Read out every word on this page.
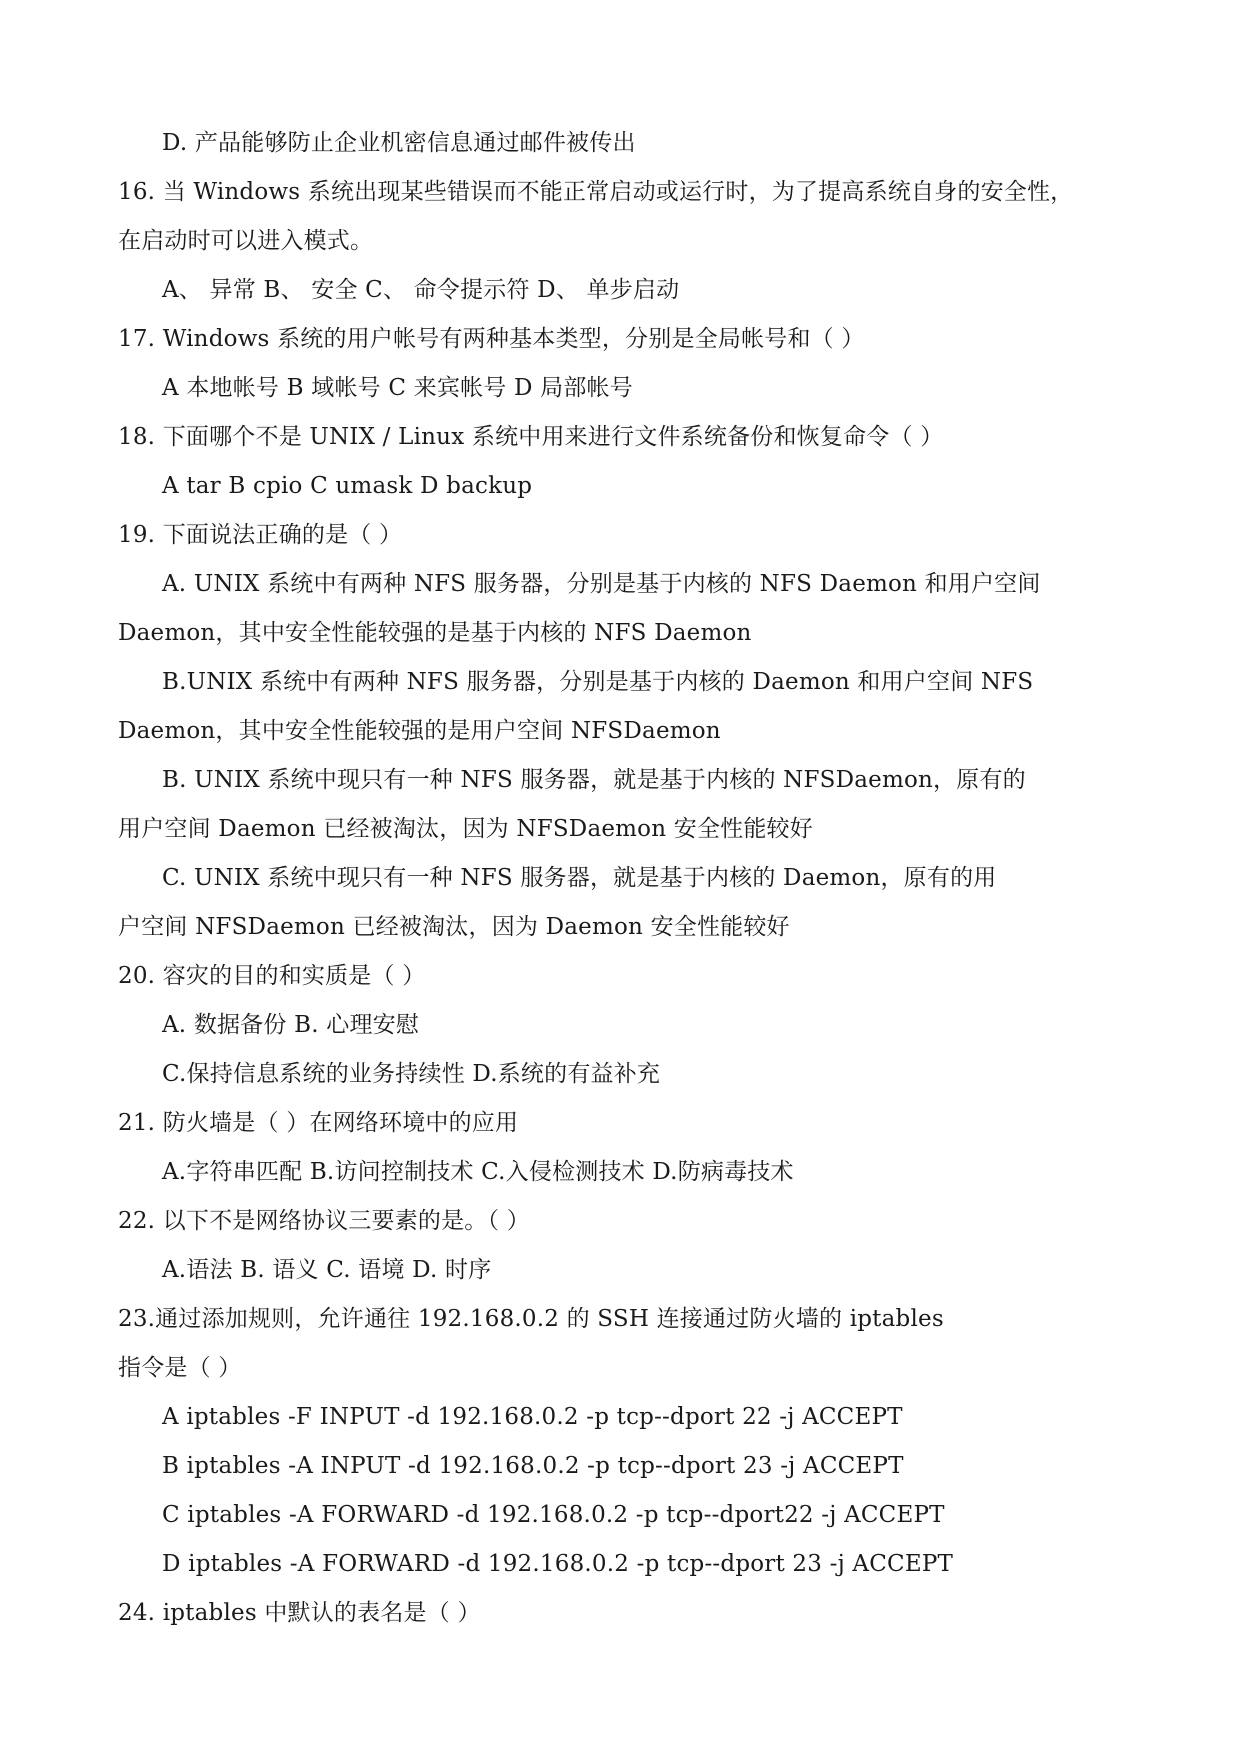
D. 产品能够防止企业机密信息通过邮件被传出
16. 当 Windows 系统出现某些错误而不能正常启动或运行时，为了提高系统自身的安全性，
在启动时可以进入模式。
A、 异常 B、 安全 C、 命令提示符 D、 单步启动
17. Windows 系统的用户帐号有两种基本类型，分别是全局帐号和（ ）
A 本地帐号 B 域帐号 C 来宾帐号 D 局部帐号
18. 下面哪个不是 UNIX / Linux 系统中用来进行文件系统备份和恢复命令（ ）
A tar B cpio C umask D backup
19. 下面说法正确的是（ ）
A. UNIX 系统中有两种 NFS 服务器，分别是基于内核的 NFS Daemon 和用户空间
Daemon，其中安全性能较强的是基于内核的 NFS Daemon
B.UNIX 系统中有两种 NFS 服务器，分别是基于内核的 Daemon 和用户空间 NFS
Daemon，其中安全性能较强的是用户空间 NFSDaemon
B. UNIX 系统中现只有一种 NFS 服务器，就是基于内核的 NFSDaemon，原有的
用户空间 Daemon 已经被淘汰，因为 NFSDaemon 安全性能较好
C. UNIX 系统中现只有一种 NFS 服务器，就是基于内核的 Daemon，原有的用
户空间 NFSDaemon 已经被淘汰，因为 Daemon 安全性能较好
20. 容灾的目的和实质是（ ）
A. 数据备份 B. 心理安慰
C.保持信息系统的业务持续性 D.系统的有益补充
21. 防火墙是（ ）在网络环境中的应用
A.字符串匹配 B.访问控制技术 C.入侵检测技术 D.防病毒技术
22. 以下不是网络协议三要素的是。（ ）
A.语法 B. 语义 C. 语境 D. 时序
23.通过添加规则，允许通往 192.168.0.2 的 SSH 连接通过防火墙的 iptables
指令是（ ）
A iptables -F INPUT -d 192.168.0.2 -p tcp--dport 22 -j ACCEPT
B iptables -A INPUT -d 192.168.0.2 -p tcp--dport 23 -j ACCEPT
C iptables -A FORWARD -d 192.168.0.2 -p tcp--dport22 -j ACCEPT
D iptables -A FORWARD -d 192.168.0.2 -p tcp--dport 23 -j ACCEPT
24. iptables 中默认的表名是（ ）
